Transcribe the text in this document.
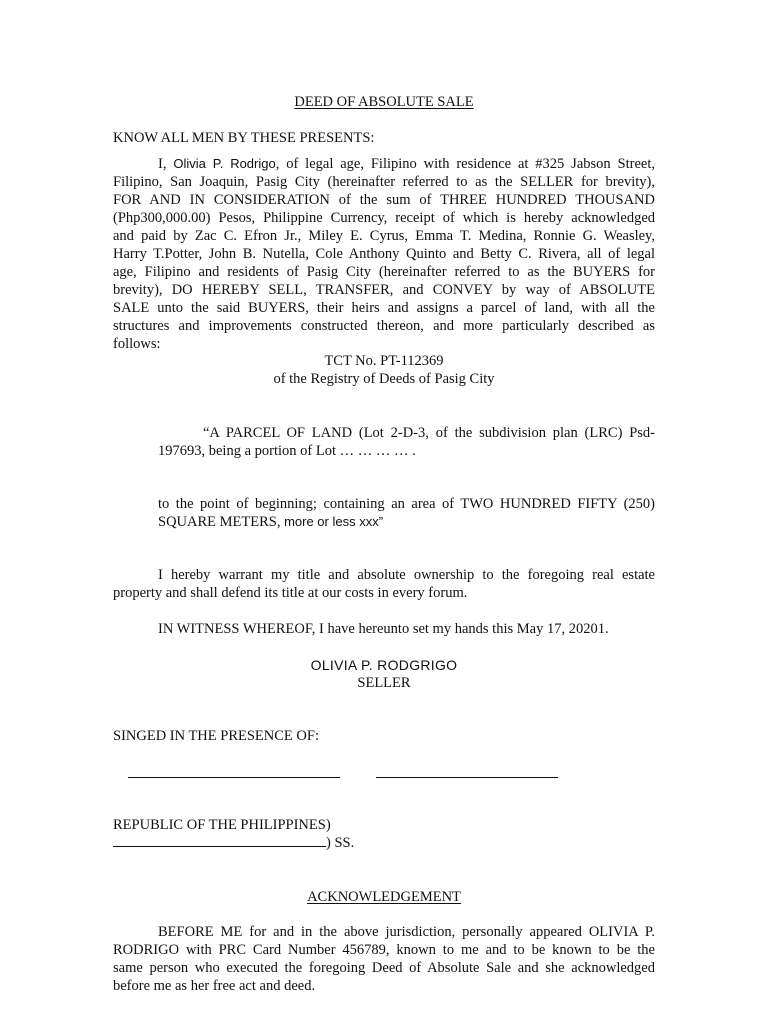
DEED OF ABSOLUTE SALE
KNOW ALL MEN BY THESE PRESENTS:
I, Olivia P. Rodrigo, of legal age, Filipino with residence at #325 Jabson Street,
Filipino, San Joaquin, Pasig City (hereinafter referred to as the SELLER for brevity),
FOR AND IN CONSIDERATION of the sum of THREE HUNDRED THOUSAND
(Php300,000.00) Pesos, Philippine Currency, receipt of which is hereby acknowledged
and paid by Zac C. Efron Jr., Miley E. Cyrus, Emma T. Medina, Ronnie G. Weasley,
Harry T.Potter, John B. Nutella, Cole Anthony Quinto and Betty C. Rivera, all of legal
age, Filipino and residents of Pasig City (hereinafter referred to as the BUYERS for
brevity), DO HEREBY SELL, TRANSFER, and CONVEY by way of ABSOLUTE
SALE unto the said BUYERS, their heirs and assigns a parcel of land, with all the
structures and improvements constructed thereon, and more particularly described as
follows:
TCT No. PT-112369
of the Registry of Deeds of Pasig City
“A PARCEL OF LAND (Lot 2-D-3, of the subdivision plan (LRC) Psd-
197693, being a portion of Lot … … … … .
to the point of beginning; containing an area of TWO HUNDRED FIFTY (250)
SQUARE METERS, more or less xxx”
I hereby warrant my title and absolute ownership to the foregoing real estate
property and shall defend its title at our costs in every forum.
IN WITNESS WHEREOF, I have hereunto set my hands this May 17, 20201.
OLIVIA P. RODGRIGO
SELLER
SINGED IN THE PRESENCE OF:
REPUBLIC OF THE PHILIPPINES)
) SS.
ACKNOWLEDGEMENT
BEFORE ME for and in the above jurisdiction, personally appeared OLIVIA P.
RODRIGO with PRC Card Number 456789, known to me and to be known to be the
same person who executed the foregoing Deed of Absolute Sale and she acknowledged
before me as her free act and deed.
